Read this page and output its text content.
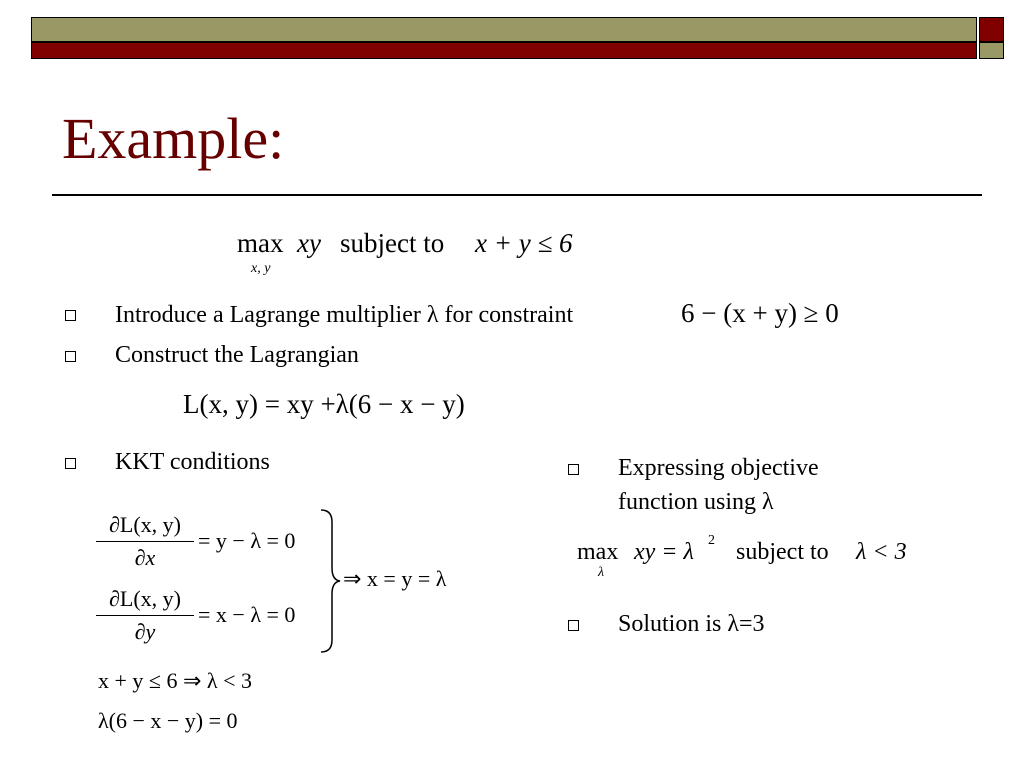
Example:
max
x, y
xy subject to x + y ≤ 6
Introduce a Lagrange multiplier λ for constraint	6 − (x + y) ≥ 0
Construct the Lagrangian
L(x, y) = xy +λ(6 − x − y)
KKT conditions
∂L(x, y)
∂x
= y − λ = 0
∂L(x, y)
∂y
= x − λ = 0
⇒ x = y = λ
x + y ≤ 6 ⇒ λ < 3
λ(6 − x − y) = 0
Expressing objective
function using λ
max
λ
xy = λ 2 subject to λ < 3
Solution is λ=3
